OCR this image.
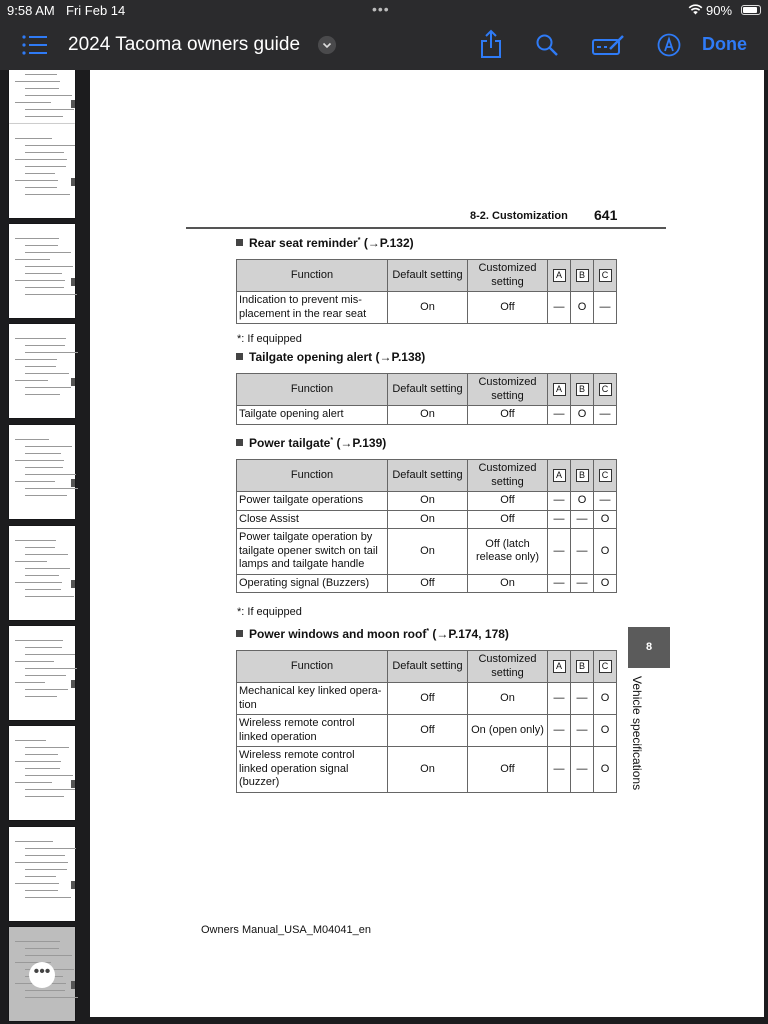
9:58 AM Fri Feb 14	•••	90%
2024 Tacoma owners guide	Done
•••
8-2. Customization 641
Rear seat reminder* (→P.132)
Function	Default setting	Customized setting	A	B	C
Indication to prevent mis-placement in the rear seat	On	Off	—	O	—
*: If equipped
Tailgate opening alert (→P.138)
Function	Default setting	Customized setting	A	B	C
Tailgate opening alert	On	Off	—	O	—
Power tailgate* (→P.139)
Function	Default setting	Customized setting	A	B	C
Power tailgate operations	On	Off	—	O	—
Close Assist	On	Off	—	—	O
Power tailgate operation by tailgate opener switch on tail lamps and tailgate handle	On	Off (latch release only)	—	—	O
Operating signal (Buzzers)	Off	On	—	—	O
*: If equipped
Power windows and moon roof* (→P.174, 178)
Function	Default setting	Customized setting	A	B	C
Mechanical key linked opera-tion	Off	On	—	—	O
Wireless remote control linked operation	Off	On (open only)	—	—	O
Wireless remote control linked operation signal (buzzer)	On	Off	—	—	O
8
Vehicle specifications
Owners Manual_USA_M04041_en
